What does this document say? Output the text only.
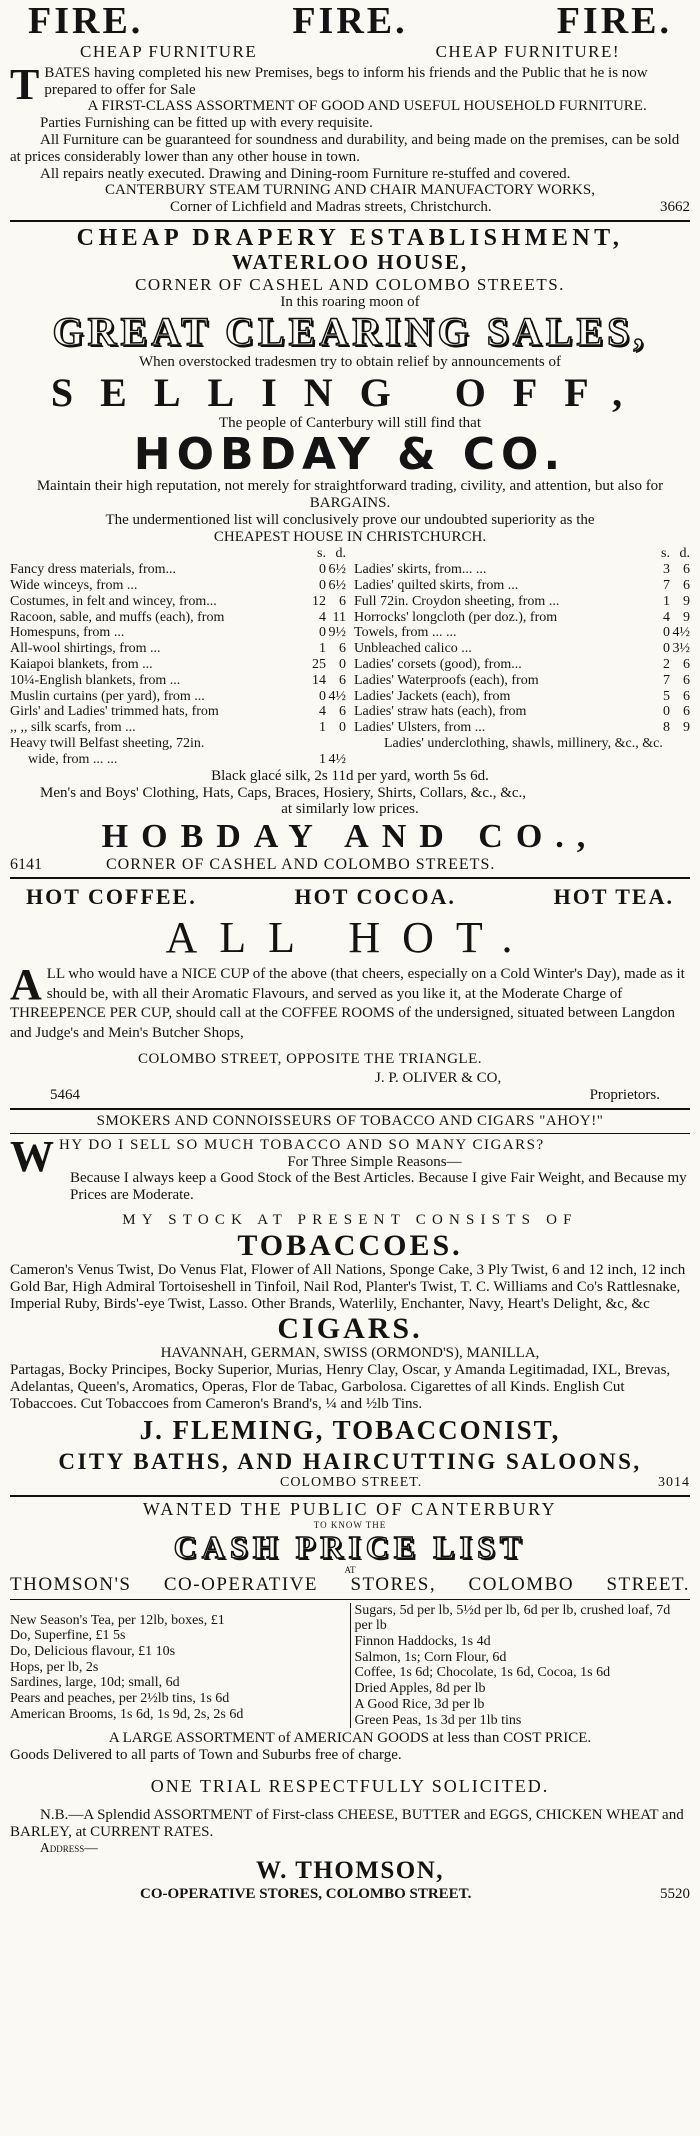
FIRE.	FIRE.	FIRE.
CHEAP FURNITURE	CHEAP FURNITURE!
T BATES having completed his new Premises, begs to inform his friends and the Public that he is now prepared to offer for Sale
A FIRST-CLASS ASSORTMENT OF GOOD AND USEFUL HOUSEHOLD FURNITURE.
Parties Furnishing can be fitted up with every requisite.
All Furniture can be guaranteed for soundness and durability, and being made on the premises, can be sold at prices considerably lower than any other house in town.
All repairs neatly executed. Drawing and Dining-room Furniture re-stuffed and covered.
CANTERBURY STEAM TURNING AND CHAIR MANUFACTORY WORKS,
Corner of Lichfield and Madras streets, Christchurch.	3662
CHEAP DRAPERY ESTABLISHMENT,
WATERLOO HOUSE,
CORNER OF CASHEL AND COLOMBO STREETS.
In this roaring moon of
GREAT CLEARING SALES,
When overstocked tradesmen try to obtain relief by announcements of
SELLING OFF,
The people of Canterbury will still find that
HOBDAY & CO.
Maintain their high reputation, not merely for straightforward trading, civility, and attention, but also for BARGAINS.
The undermentioned list will conclusively prove our undoubted superiority as the
CHEAPEST HOUSE IN CHRISTCHURCH.
s. d.
Fancy dress materials, from...	0 6½
Wide winceys, from ...	0 6½
Costumes, in felt and wincey, from...	12 6
Racoon, sable, and muffs (each), from	4 11
Homespuns, from ...	0 9½
All-wool shirtings, from ...	1 6
Kaiapoi blankets, from ...	25 0
10¼-English blankets, from ...	14 6
Muslin curtains (per yard), from ...	0 4½
Girls' and Ladies' trimmed hats, from	4 6
,, ,, silk scarfs, from ...	1 0
Heavy twill Belfast sheeting, 72in.
wide, from ... ...	1 4½
s. d.
Ladies' skirts, from... ...	3 6
Ladies' quilted skirts, from ...	7 6
Full 72in. Croydon sheeting, from ...	1 9
Horrocks' longcloth (per doz.), from	4 9
Towels, from ... ...	0 4½
Unbleached calico ...	0 3½
Ladies' corsets (good), from...	2 6
Ladies' Waterproofs (each), from	7 6
Ladies' Jackets (each), from	5 6
Ladies' straw hats (each), from	0 6
Ladies' Ulsters, from ...	8 9
Ladies' underclothing, shawls, millinery, &c., &c.
Black glacé silk, 2s 11d per yard, worth 5s 6d.
Men's and Boys' Clothing, Hats, Caps, Braces, Hosiery, Shirts, Collars, &c., &c.,
at similarly low prices.
HOBDAY AND CO.,
6141	CORNER OF CASHEL AND COLOMBO STREETS.
HOT COFFEE.	HOT COCOA.	HOT TEA.
ALL HOT.
A LL who would have a NICE CUP of the above (that cheers, especially on a Cold Winter's Day), made as it should be, with all their Aromatic Flavours, and served as you like it, at the Moderate Charge of THREEPENCE PER CUP, should call at the COFFEE ROOMS of the undersigned, situated between Langdon and Judge's and Mein's Butcher Shops,
COLOMBO STREET, OPPOSITE THE TRIANGLE.
J. P. OLIVER & CO,
5464	Proprietors.
SMOKERS AND CONNOISSEURS OF TOBACCO AND CIGARS "AHOY!"
W HY DO I SELL SO MUCH TOBACCO AND SO MANY CIGARS?
For Three Simple Reasons—
Because I always keep a Good Stock of the Best Articles. Because I give Fair Weight, and Because my Prices are Moderate.
MY STOCK AT PRESENT CONSISTS OF
TOBACCOES.
Cameron's Venus Twist, Do Venus Flat, Flower of All Nations, Sponge Cake, 3 Ply Twist, 6 and 12 inch, 12 inch Gold Bar, High Admiral Tortoiseshell in Tinfoil, Nail Rod, Planter's Twist, T. C. Williams and Co's Rattlesnake, Imperial Ruby, Birds'-eye Twist, Lasso. Other Brands, Waterlily, Enchanter, Navy, Heart's Delight, &c, &c
CIGARS.
HAVANNAH, GERMAN, SWISS (ORMOND'S), MANILLA,
Partagas, Bocky Principes, Bocky Superior, Murias, Henry Clay, Oscar, y Amanda Legitimadad, IXL, Brevas, Adelantas, Queen's, Aromatics, Operas, Flor de Tabac, Garbolosa. Cigarettes of all Kinds. English Cut Tobaccoes. Cut Tobaccoes from Cameron's Brand's, ¼ and ½lb Tins.
J. FLEMING, TOBACCONIST,
CITY BATHS, AND HAIRCUTTING SALOONS,
COLOMBO STREET.	3014
WANTED THE PUBLIC OF CANTERBURY
TO KNOW THE
CASH PRICE LIST
AT
THOMSON'S CO-OPERATIVE STORES, COLOMBO STREET.
New Season's Tea, per 12lb, boxes, £1
Do, Superfine, £1 5s
Do, Delicious flavour, £1 10s
Hops, per lb, 2s
Sardines, large, 10d; small, 6d
Pears and peaches, per 2½lb tins, 1s 6d
American Brooms, 1s 6d, 1s 9d, 2s, 2s 6d
Sugars, 5d per lb, 5½d per lb, 6d per lb, crushed loaf, 7d per lb
Finnon Haddocks, 1s 4d
Salmon, 1s; Corn Flour, 6d
Coffee, 1s 6d; Chocolate, 1s 6d, Cocoa, 1s 6d
Dried Apples, 8d per lb
A Good Rice, 3d per lb
Green Peas, 1s 3d per 1lb tins
A LARGE ASSORTMENT of AMERICAN GOODS at less than COST PRICE.
Goods Delivered to all parts of Town and Suburbs free of charge.
ONE TRIAL RESPECTFULLY SOLICITED.
N.B.—A Splendid ASSORTMENT of First-class CHEESE, BUTTER and EGGS, CHICKEN WHEAT and BARLEY, at CURRENT RATES.
Address—
W. THOMSON,
CO-OPERATIVE STORES, COLOMBO STREET.	5520
